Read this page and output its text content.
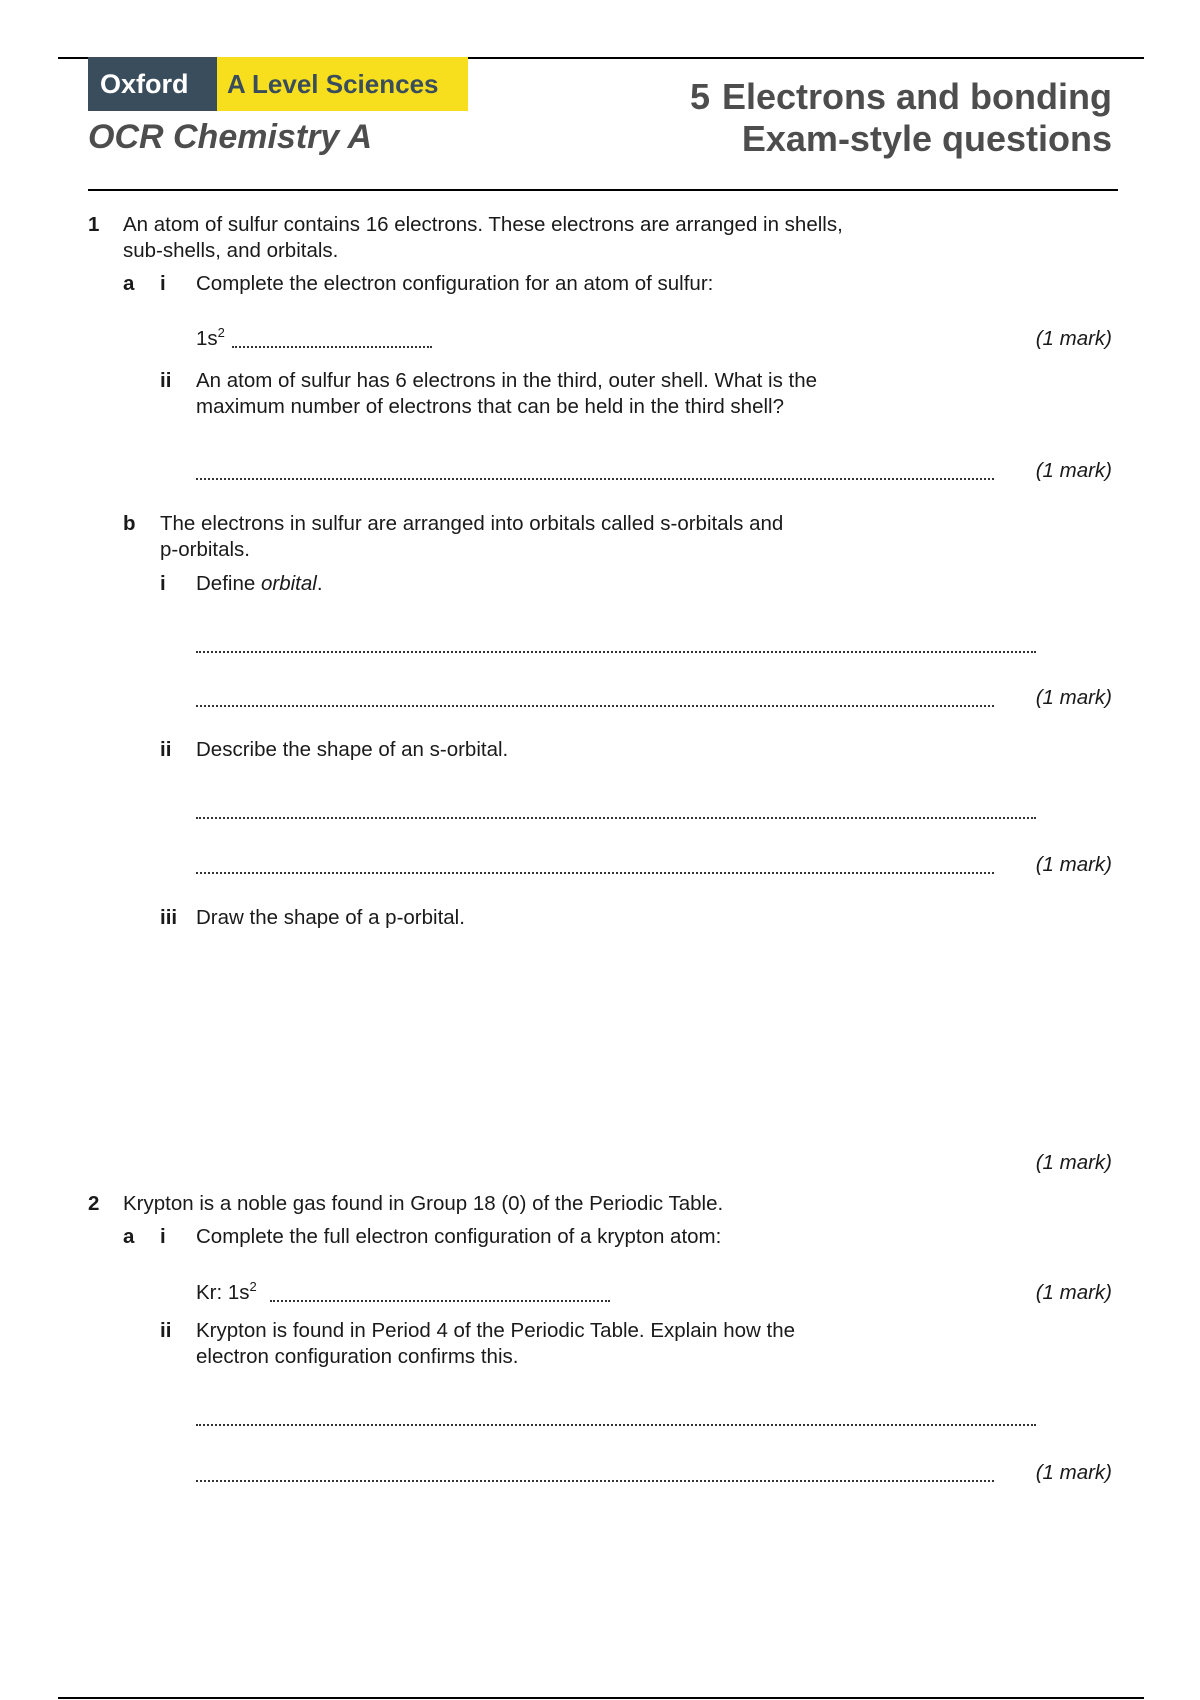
Oxford	A Level Sciences
OCR Chemistry A
5 Electrons and bonding
Exam-style questions
1 An atom of sulfur contains 16 electrons. These electrons are arranged in shells,
sub-shells, and orbitals.
a i Complete the electron configuration for an atom of sulfur:
$1s^2$	(1 mark)
ii An atom of sulfur has 6 electrons in the third, outer shell. What is the
maximum number of electrons that can be held in the third shell?
(1 mark)
b The electrons in sulfur are arranged into orbitals called s-orbitals and
p-orbitals.
i Define orbital.
(1 mark)
ii Describe the shape of an s-orbital.
(1 mark)
iii Draw the shape of a p-orbital.
(1 mark)
2 Krypton is a noble gas found in Group 18 (0) of the Periodic Table.
a i Complete the full electron configuration of a krypton atom:
Kr: $1s^2$	(1 mark)
ii Krypton is found in Period 4 of the Periodic Table. Explain how the
electron configuration confirms this.
(1 mark)
